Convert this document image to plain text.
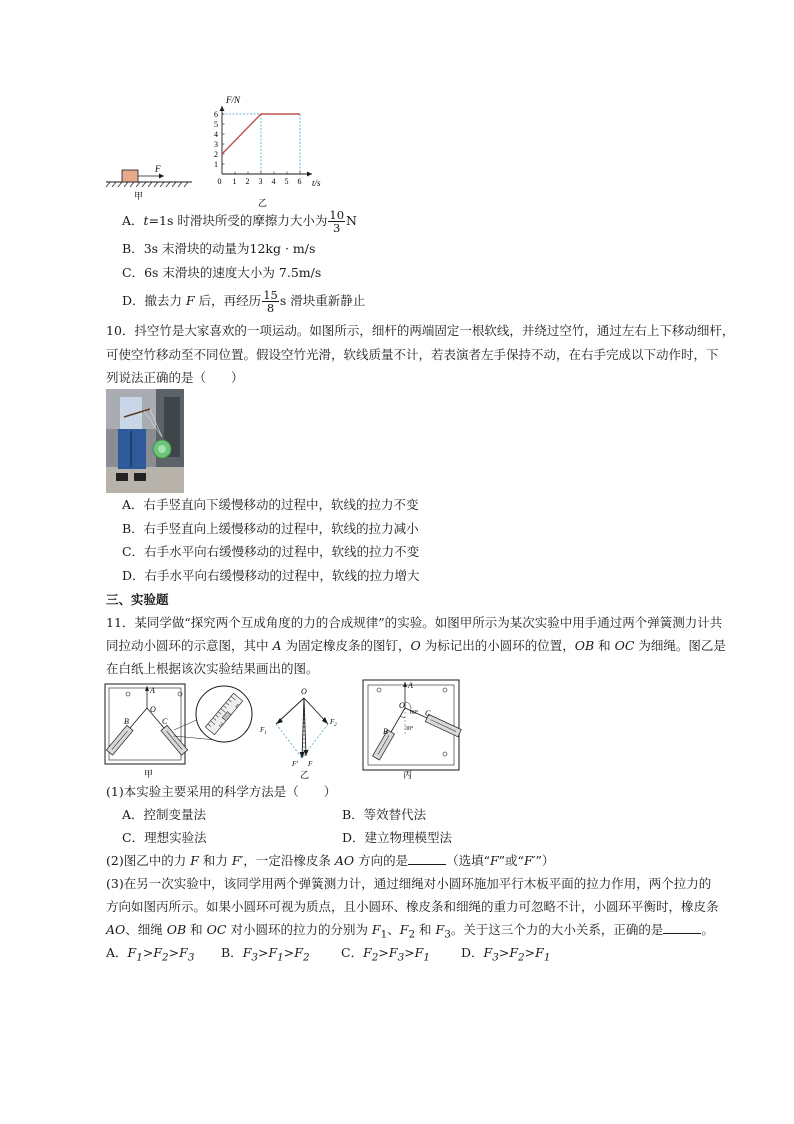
F
甲
1
2
3
4
5
6
0 1 2 3 4 5 6
F/N
t/s
乙
A．t=1s 时滑块所受的摩擦力大小为 $\frac{10}{3}$ N
B．3s 末滑块的动量为12kg · m/s
C．6s 末滑块的速度大小为 7.5m/s
D．撤去力 F 后，再经历 $\frac{15}{8}$ s 滑块重新静止
10．抖空竹是大家喜欢的一项运动。如图所示，细杆的两端固定一根软线，并绕过空竹，通过左右上下移动细杆，
可使空竹移动至不同位置。假设空竹光滑，软线质量不计，若表演者左手保持不动，在右手完成以下动作时，下
列说法正确的是（　　）
A．右手竖直向下缓慢移动的过程中，软线的拉力不变
B．右手竖直向上缓慢移动的过程中，软线的拉力减小
C．右手水平向右缓慢移动的过程中，软线的拉力不变
D．右手水平向右缓慢移动的过程中，软线的拉力增大
三、实验题
11．某同学做“探究两个互成角度的力的合成规律”的实验。如图甲所示为某次实验中用手通过两个弹簧测力计共
同拉动小圆环的示意图，其中 A 为固定橡皮条的图钉，O 为标记出的小圆环的位置，OB 和 OC 为细绳。图乙是
在白纸上根据该次实验结果画出的图。
A
O
B	C
1
2
甲
O
$F_1$
$F_2$
F′ F
乙
A
O
60°
30°
B
C
丙
(1)本实验主要采用的科学方法是（　　）
A．控制变量法	B．等效替代法
C．理想实验法	D．建立物理模型法
(2)图乙中的力 F 和力 F′，一定沿橡皮条 AO 方向的是	（选填“F”或“F′”）
(3)在另一次实验中，该同学用两个弹簧测力计，通过细绳对小圆环施加平行木板平面的拉力作用，两个拉力的
方向如图丙所示。如果小圆环可视为质点，且小圆环、橡皮条和细绳的重力可忽略不计，小圆环平衡时，橡皮条
AO、细绳 OB 和 OC 对小圆环的拉力的分别为 $F_1$、$F_2$ 和 $F_3$。关于这三个力的大小关系，正确的是	。
A．$F_1>F_2>F_3$ B．$F_3>F_1>F_2$	C．$F_2>F_3>F_1$ D．$F_3>F_2>F_1$
